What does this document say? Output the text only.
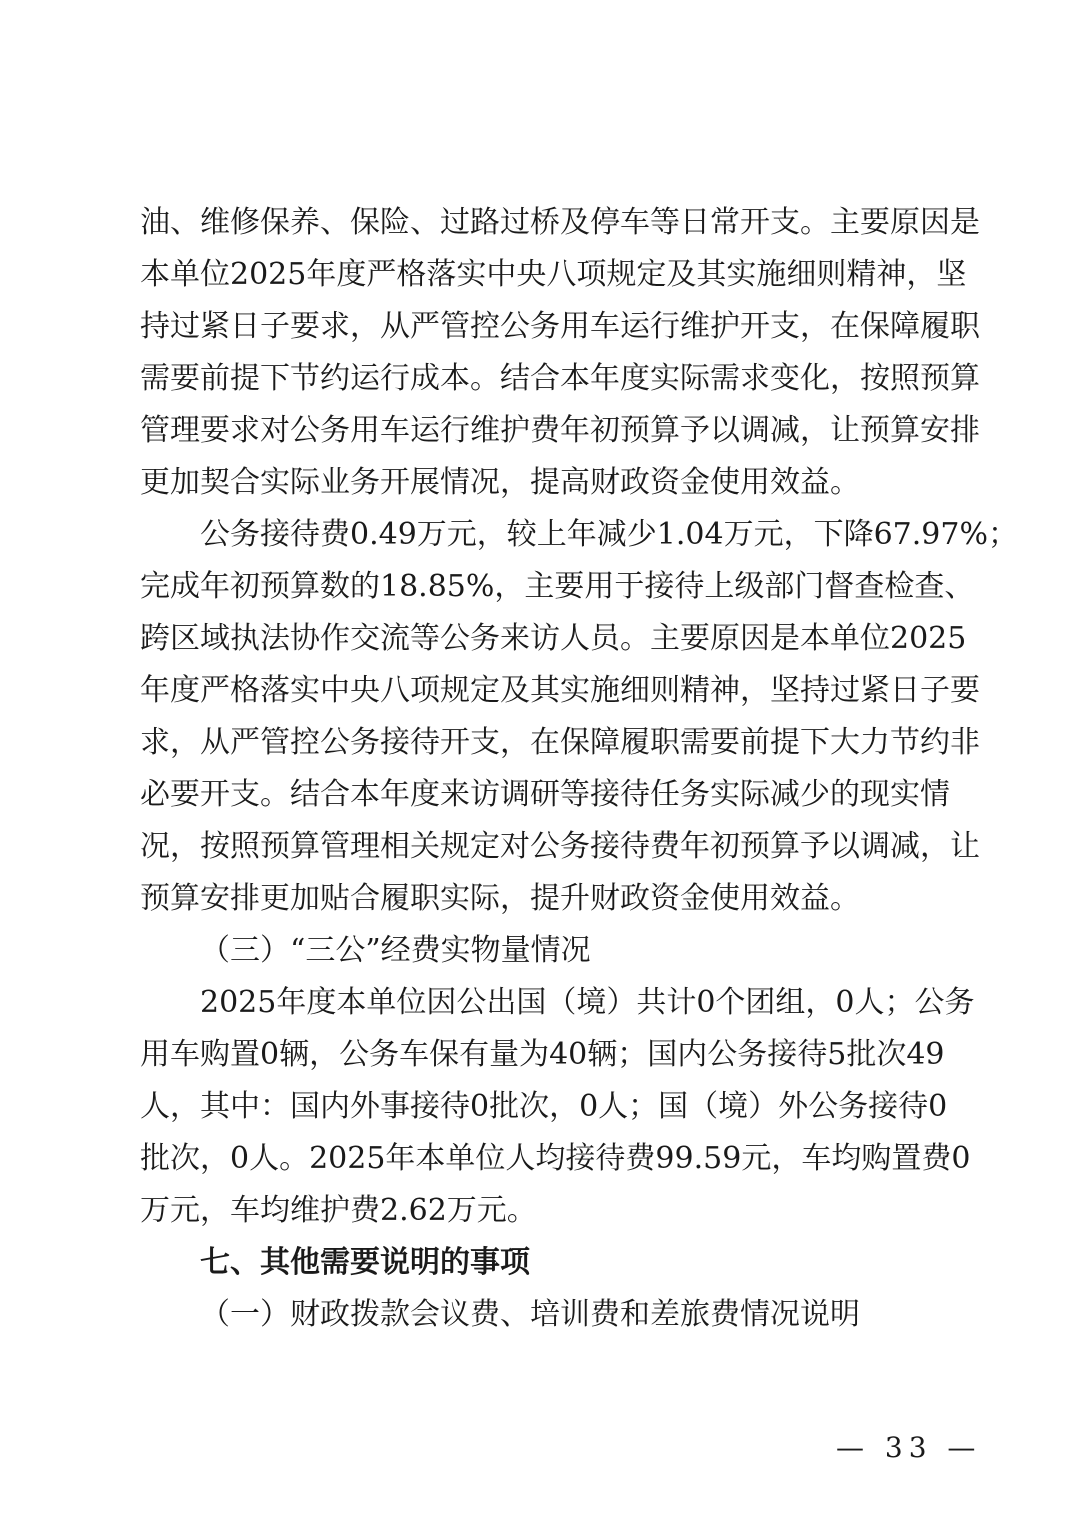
油、维修保养、保险、过路过桥及停车等日常开支。主要原因是
本单位2025年度严格落实中央八项规定及其实施细则精神，坚
持过紧日子要求，从严管控公务用车运行维护开支，在保障履职
需要前提下节约运行成本。结合本年度实际需求变化，按照预算
管理要求对公务用车运行维护费年初预算予以调减，让预算安排
更加契合实际业务开展情况，提高财政资金使用效益。
公务接待费0.49万元，较上年减少1.04万元，下降67.97%；
完成年初预算数的18.85%，主要用于接待上级部门督查检查、
跨区域执法协作交流等公务来访人员。主要原因是本单位2025
年度严格落实中央八项规定及其实施细则精神，坚持过紧日子要
求，从严管控公务接待开支，在保障履职需要前提下大力节约非
必要开支。结合本年度来访调研等接待任务实际减少的现实情
况，按照预算管理相关规定对公务接待费年初预算予以调减，让
预算安排更加贴合履职实际，提升财政资金使用效益。
（三）“三公”经费实物量情况
2025年度本单位因公出国（境）共计0个团组，0人；公务
用车购置0辆，公务车保有量为40辆；国内公务接待5批次49
人，其中：国内外事接待0批次，0人；国（境）外公务接待0
批次，0人。2025年本单位人均接待费99.59元，车均购置费0
万元，车均维护费2.62万元。
七、其他需要说明的事项
（一）财政拨款会议费、培训费和差旅费情况说明
— 33 —
